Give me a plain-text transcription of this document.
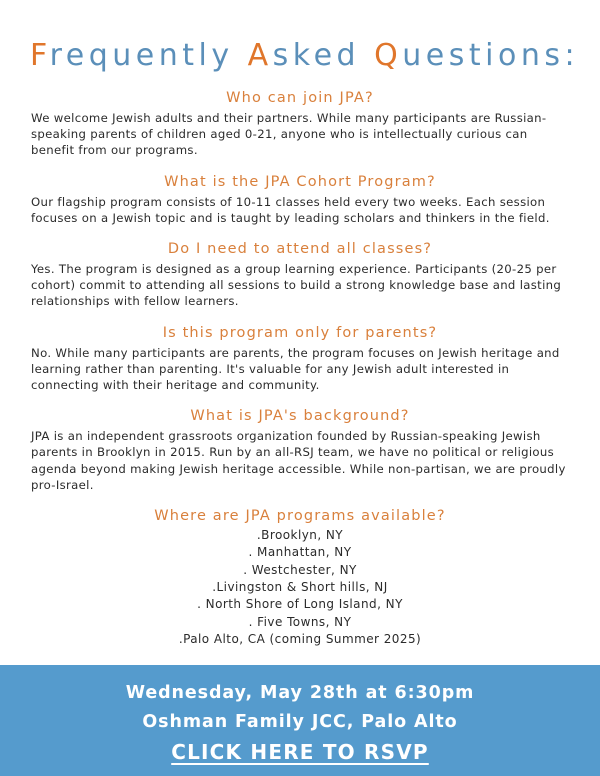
Frequently Asked Questions:
Who can join JPA?
We welcome Jewish adults and their partners. While many participants are Russian-speaking parents of children aged 0-21, anyone who is intellectually curious can benefit from our programs.
What is the JPA Cohort Program?
Our flagship program consists of 10-11 classes held every two weeks. Each session focuses on a Jewish topic and is taught by leading scholars and thinkers in the field.
Do I need to attend all classes?
Yes. The program is designed as a group learning experience. Participants (20-25 per cohort) commit to attending all sessions to build a strong knowledge base and lasting relationships with fellow learners.
Is this program only for parents?
No. While many participants are parents, the program focuses on Jewish heritage and learning rather than parenting. It's valuable for any Jewish adult interested in connecting with their heritage and community.
What is JPA's background?
JPA is an independent grassroots organization founded by Russian-speaking Jewish parents in Brooklyn in 2015. Run by an all-RSJ team, we have no political or religious agenda beyond making Jewish heritage accessible. While non-partisan, we are proudly pro-Israel.
Where are JPA programs available?
.Brooklyn, NY
. Manhattan, NY
. Westchester, NY
.Livingston & Short hills, NJ
. North Shore of Long Island, NY
. Five Towns, NY
.Palo Alto, CA (coming Summer 2025)
Wednesday, May 28th at 6:30pm
Oshman Family JCC, Palo Alto
CLICK HERE TO RSVP
